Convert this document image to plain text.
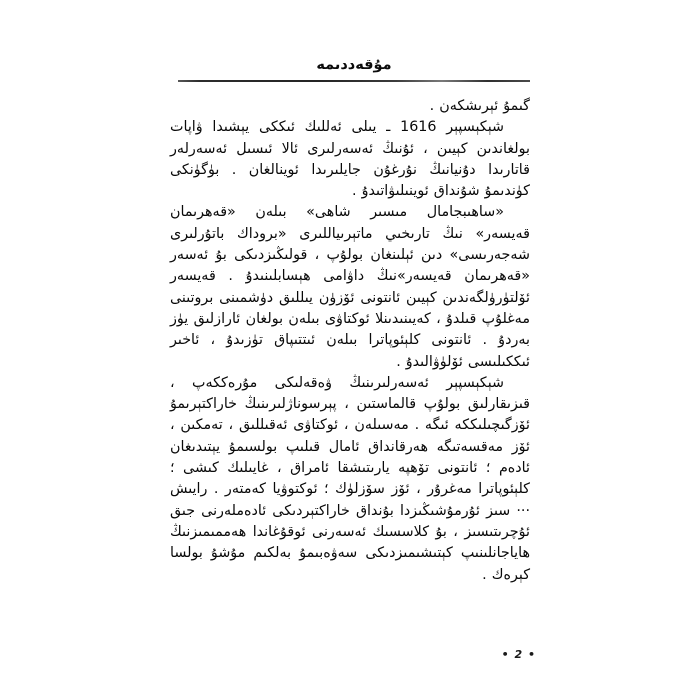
مۇقەددىمە

گىمۇ ئېرىشكەن .

شېكېسپېر 1616 ـ يىلى ئەللىك ئىككى يېشىدا ۋاپات بولغاندىن كېيىن ، ئۇنىڭ ئەسەرلىرى ئالا ئىسىل ئەسەرلەر قاتارىدا دۇنيانىڭ نۇرغۇن جايلىرىدا ئوينالغان . بۈگۈنكى كۈندىمۇ شۇنداق ئوينىلىۋاتىدۇ .

«ساھىبجامال مىسىر شاھى» بىلەن «قەھرىمان قەيسەر» نىڭ تارىخىي ماتېرىياللىرى «بروداك باتۇرلىرى شەجەرىسى» دىن ئېلىنغان بولۇپ ، قولىڭىزدىكى بۇ ئەسەر «قەھرىمان قەيسەر»نىڭ داۋامى ھېسابلىنىدۇ . قەيسەر ئۆلتۈرۈلگەندىن كېيىن ئانتونى ئۆزۈن يىللىق دۈشمىنى بروتىنى مەغلۇپ قىلدۇ ، كەيىنىدىنلا ئوكتاۋى بىلەن بولغان ئارازلىق يۈز بەردۇ . ئانتونى كلېئوپاترا بىلەن ئىتتىپاق تۈزىدۇ ، ئاخىر ئىككىلىسى ئۆلۈۋالىدۇ .

شېكېسپېر ئەسەرلىرىنىڭ ۋەقەلىكى مۇرەككەپ ، قىزىقارلىق بولۇپ قالماستىن ، پېرسوناژلىرىنىڭ خاراكتېرىمۇ ئۆزگىچىلىككە ئىگە . مەسىلەن ، ئوكتاۋى ئەقىللىق ، تەمكىن ، ئۆز مەقسەتىگە ھەرقانداق ئامال قىلىپ بولسىمۇ يېتىدىغان ئادەم ؛ ئانتونى تۆھپە يارىتىشقا ئامراق ، غايىلىك كىشى ؛ كلېئوپاترا مەغرۇر ، ئۆز سۆزلۈك ؛ ئوكتوۋيا كەمتەر . رايىش ··· سىز ئۇرمۇشىڭىزدا بۇنداق خاراكتېردىكى ئادەملەرنى جىق ئۇچرىتىسىز ، بۇ كلاسسىك ئەسەرنى ئوقۇغاندا ھەممىمىزنىڭ ھاياجانلىنىپ كېتىشىمىزدىكى سەۋەبىمۇ بەلكىم مۇشۇ بولسا كېرەك .

• 2 •
